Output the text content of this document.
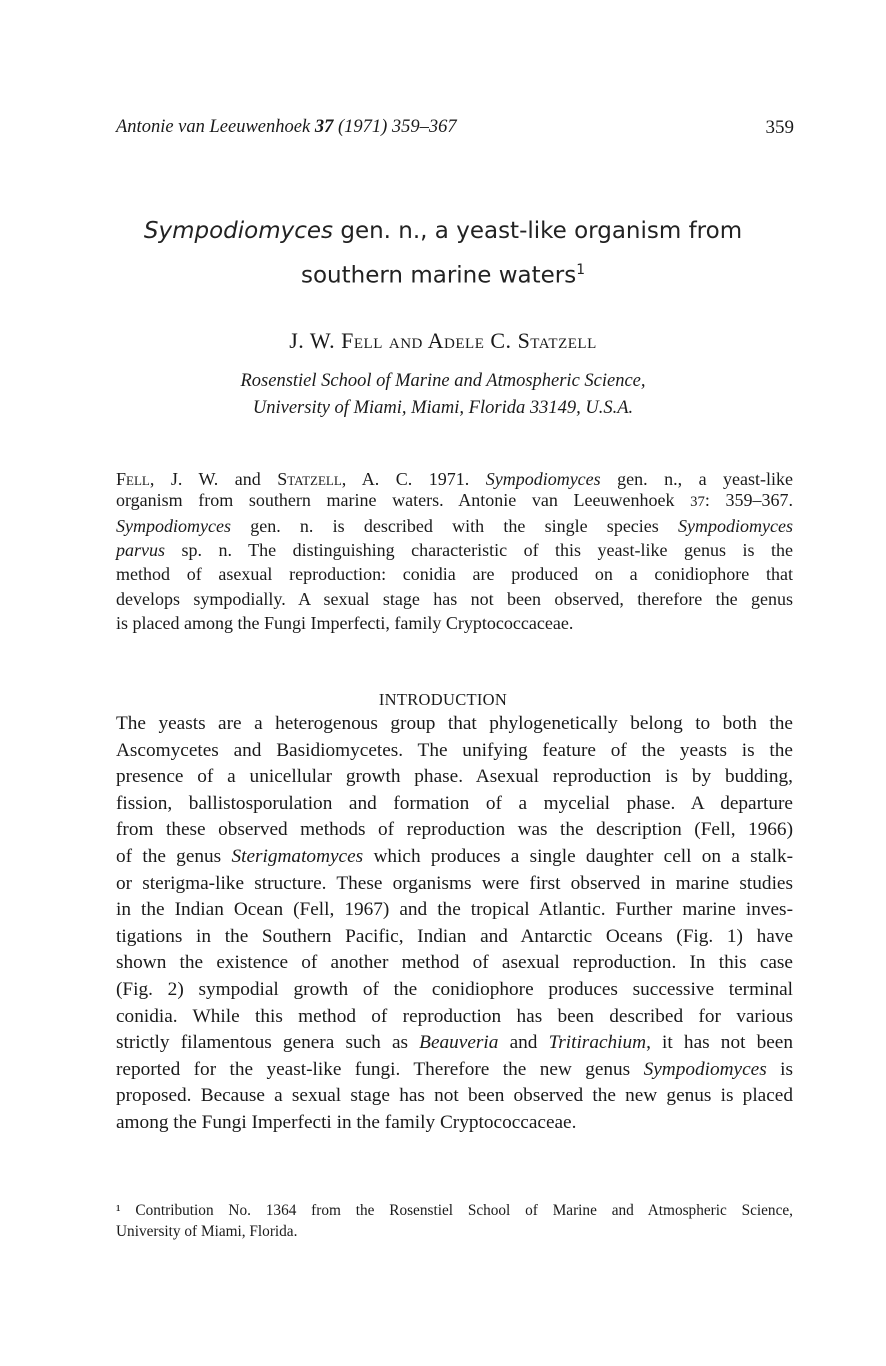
Antonie van Leeuwenhoek 37 (1971) 359–367	359
Sympodiomyces gen. n., a yeast-like organism from
southern marine waters$^1$
J. W. Fell and Adele C. Statzell
Rosenstiel School of Marine and Atmospheric Science,
University of Miami, Miami, Florida 33149, U.S.A.
Fell, J. W. and Statzell, A. C. 1971. Sympodiomyces gen. n., a yeast-like
organism from southern marine waters. Antonie van Leeuwenhoek 37: 359–367.
Sympodiomyces gen. n. is described with the single species Sympodiomyces
parvus sp. n. The distinguishing characteristic of this yeast-like genus is the
method of asexual reproduction: conidia are produced on a conidiophore that
develops sympodially. A sexual stage has not been observed, therefore the genus
is placed among the Fungi Imperfecti, family Cryptococcaceae.
INTRODUCTION
The yeasts are a heterogenous group that phylogenetically belong to both the
Ascomycetes and Basidiomycetes. The unifying feature of the yeasts is the
presence of a unicellular growth phase. Asexual reproduction is by budding,
fission, ballistosporulation and formation of a mycelial phase. A departure
from these observed methods of reproduction was the description (Fell, 1966)
of the genus Sterigmatomyces which produces a single daughter cell on a stalk-
or sterigma-like structure. These organisms were first observed in marine studies
in the Indian Ocean (Fell, 1967) and the tropical Atlantic. Further marine inves-
tigations in the Southern Pacific, Indian and Antarctic Oceans (Fig. 1) have
shown the existence of another method of asexual reproduction. In this case
(Fig. 2) sympodial growth of the conidiophore produces successive terminal
conidia. While this method of reproduction has been described for various
strictly filamentous genera such as Beauveria and Tritirachium, it has not been
reported for the yeast-like fungi. Therefore the new genus Sympodiomyces is
proposed. Because a sexual stage has not been observed the new genus is placed
among the Fungi Imperfecti in the family Cryptococcaceae.
¹ Contribution No. 1364 from the Rosenstiel School of Marine and Atmospheric Science,
University of Miami, Florida.
